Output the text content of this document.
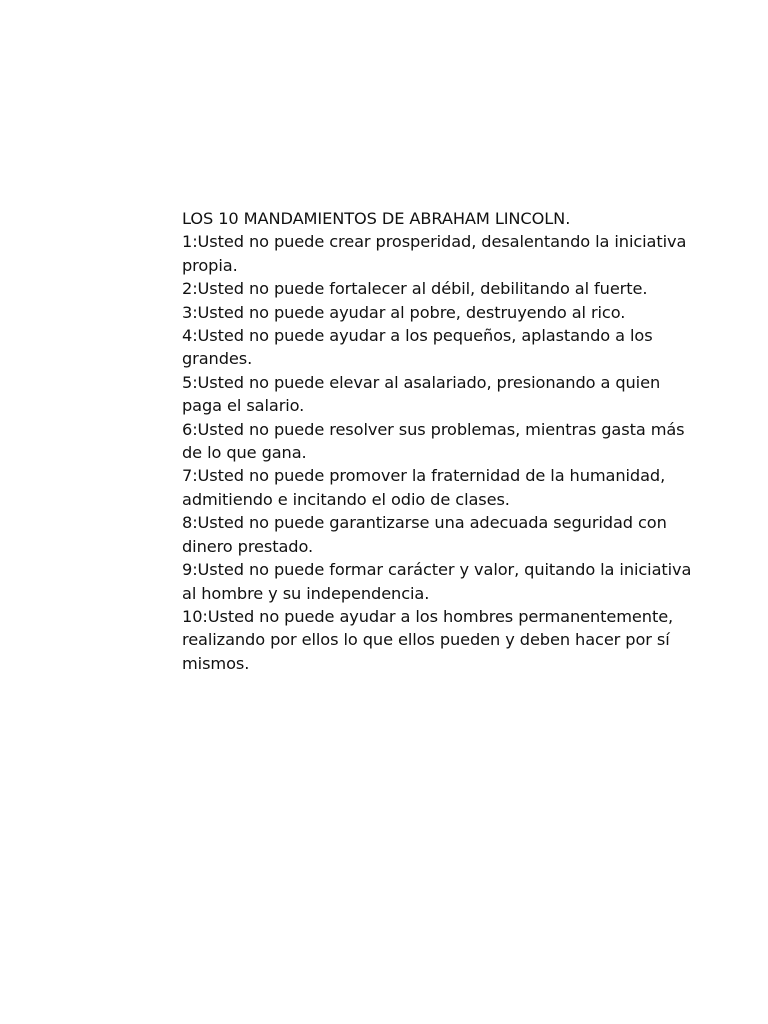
LOS 10 MANDAMIENTOS DE ABRAHAM LINCOLN.

1:Usted no puede crear prosperidad, desalentando la iniciativa propia.

2:Usted no puede fortalecer al débil, debilitando al fuerte.

3:Usted no puede ayudar al pobre, destruyendo al rico.

4:Usted no puede ayudar a los pequeños, aplastando a los grandes.

5:Usted no puede elevar al asalariado, presionando a quien paga el salario.

6:Usted no puede resolver sus problemas, mientras gasta más de lo que gana.

7:Usted no puede promover la fraternidad de la humanidad, admitiendo e incitando el odio de clases.

8:Usted no puede garantizarse una adecuada seguridad con dinero prestado.

9:Usted no puede formar carácter y valor, quitando la iniciativa al hombre y su independencia.

10:Usted no puede ayudar a los hombres permanentemente, realizando por ellos lo que ellos pueden y deben hacer por sí mismos.
